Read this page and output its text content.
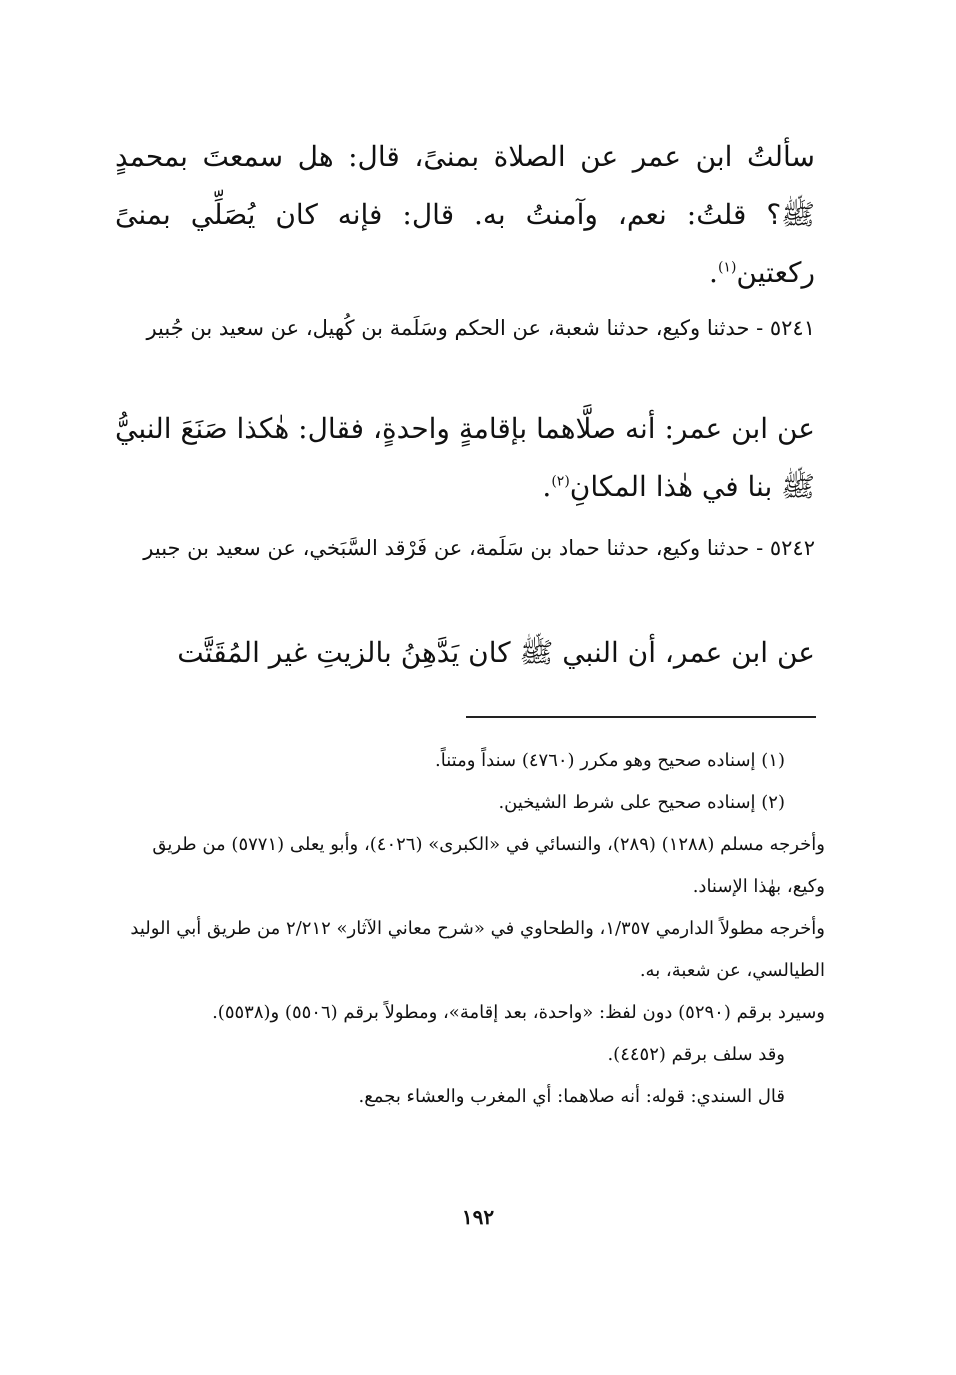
سألتُ ابن عمر عن الصلاة بمنىً، قال: هل سمعتَ بمحمدٍ ﷺ؟ قلتُ: نعم، وآمنتُ به. قال: فإنه كان يُصَلِّي بمنىً ركعتين$^{(١)}$.
٥٢٤١ - حدثنا وكيع، حدثنا شعبة، عن الحكم وسَلَمة بن كُهيل، عن سعيد بن جُبير
عن ابن عمر: أنه صلَّاهما بإقامةٍ واحدةٍ، فقال: هٰكذا صَنَعَ النبيُّ ﷺ بنا في هٰذا المكانِ$^{(٢)}$.
٥٢٤٢ - حدثنا وكيع، حدثنا حماد بن سَلَمة، عن فَرْقد السَّبَخي، عن سعيد بن جبير
عن ابن عمر، أن النبي ﷺ كان يَدَّهِنُ بالزيتِ غير المُقَتَّت

(١) إسناده صحيح وهو مكرر (٤٧٦٠) سنداً ومتناً.

(٢) إسناده صحيح على شرط الشيخين.

وأخرجه مسلم (١٢٨٨) (٢٨٩)، والنسائي في «الكبرى» (٤٠٢٦)، وأبو يعلى (٥٧٧١) من طريق وكيع، بهٰذا الإسناد.

وأخرجه مطولاً الدارمي ١/٣٥٧، والطحاوي في «شرح معاني الآثار» ٢/٢١٢ من طريق أبي الوليد الطيالسي، عن شعبة، به.

وسيرد برقم (٥٢٩٠) دون لفظ: «واحدة، بعد إقامة»، ومطولاً برقم (٥٥٠٦) و(٥٥٣٨).

وقد سلف برقم (٤٤٥٢).

قال السندي: قوله: أنه صلاهما: أي المغرب والعشاء بجمع.

١٩٢
